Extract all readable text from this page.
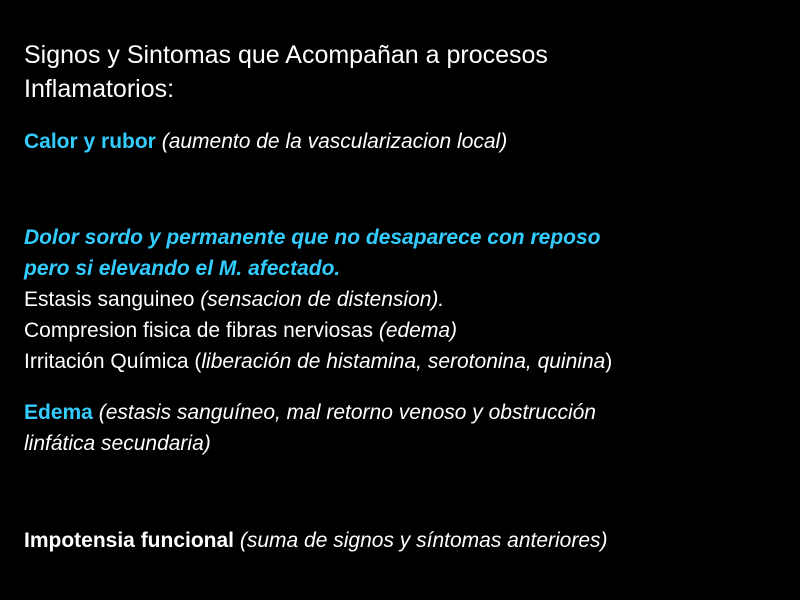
Signos y Sintomas que Acompañan a procesos
Inflamatorios:
Calor y rubor (aumento de la vascularizacion local)
Dolor sordo y permanente que no desaparece con reposo
pero si elevando el M. afectado.
Estasis sanguineo (sensacion de distension).
Compresion fisica de fibras nerviosas (edema)
Irritación Química (liberación de histamina, serotonina, quinina)
Edema (estasis sanguíneo, mal retorno venoso y obstrucción
linfática secundaria)
Impotensia funcional (suma de signos y síntomas anteriores)
